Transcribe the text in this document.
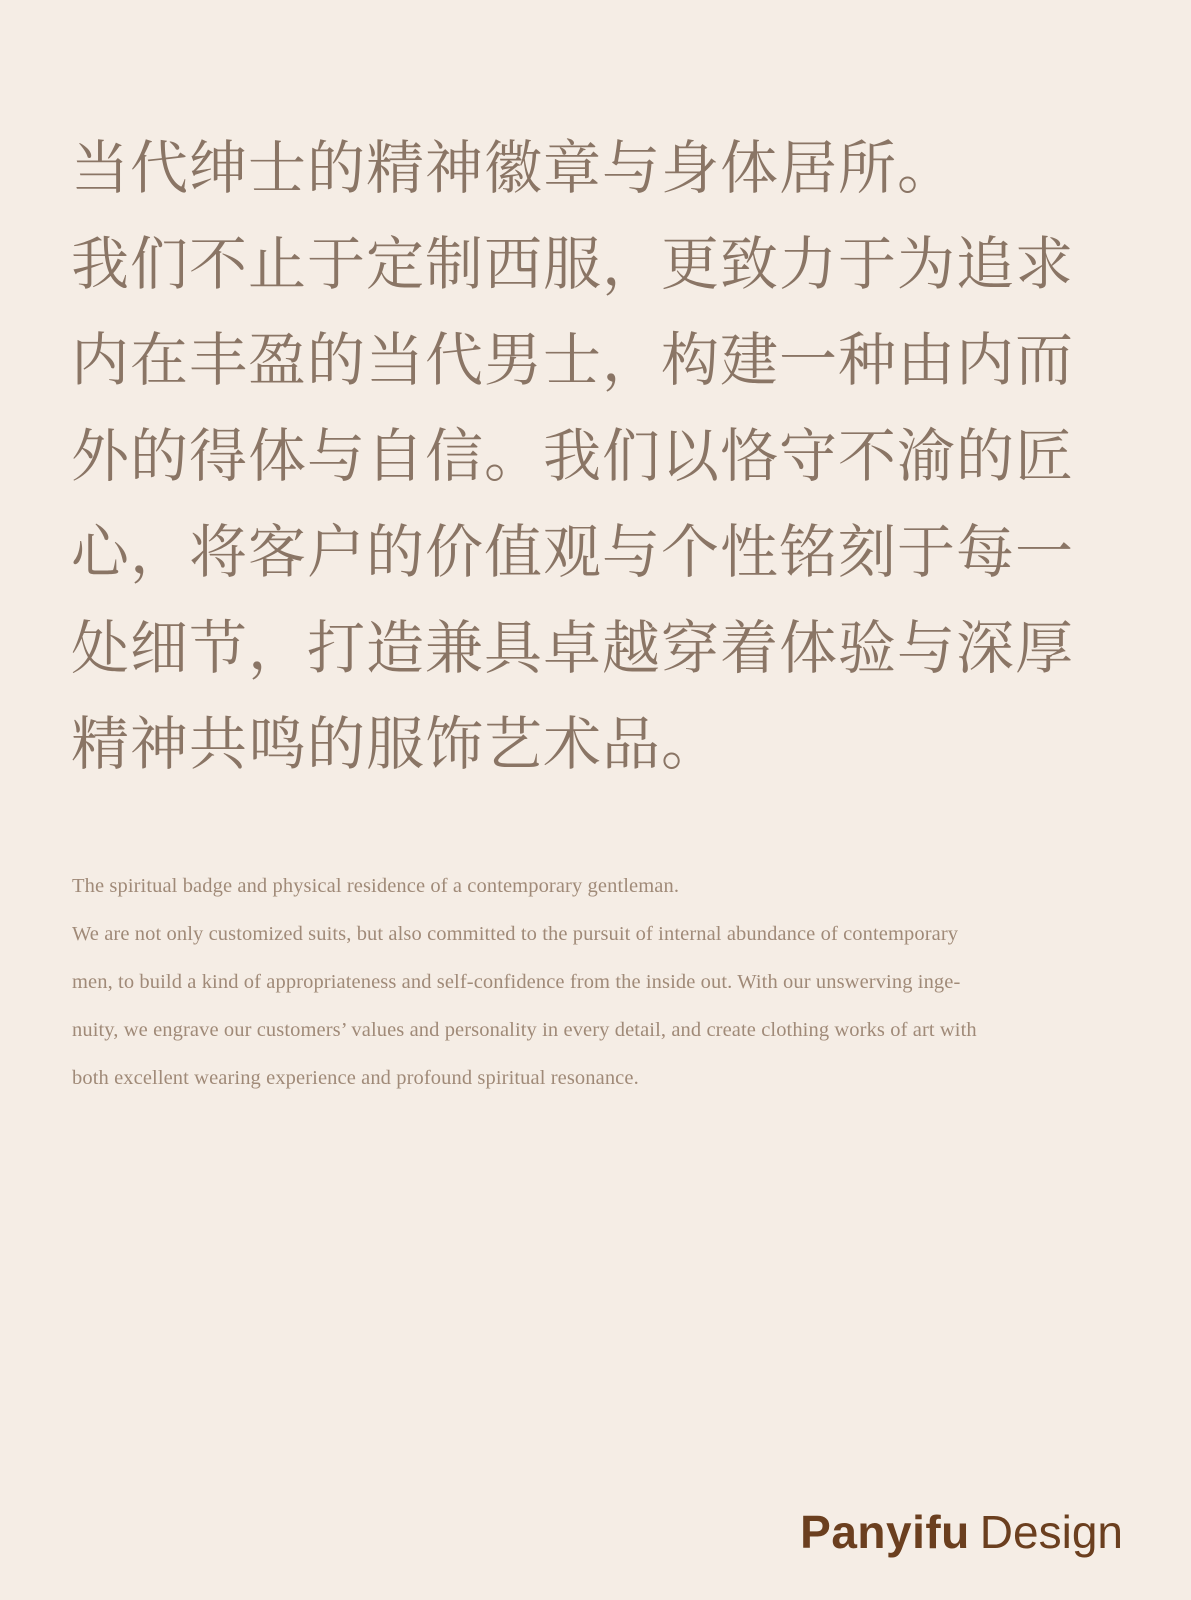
当代绅士的精神徽章与身体居所。
我们不止于定制西服，更致力于为追求
内在丰盈的当代男士，构建一种由内而
外的得体与自信。我们以恪守不渝的匠
心，将客户的价值观与个性铭刻于每一
处细节，打造兼具卓越穿着体验与深厚
精神共鸣的服饰艺术品。
The spiritual badge and physical residence of a contemporary gentleman.
We are not only customized suits, but also committed to the pursuit of internal abundance of contemporary
men, to build a kind of appropriateness and self-confidence from the inside out. With our unswerving inge-
nuity, we engrave our customers’ values and personality in every detail, and create clothing works of art with
both excellent wearing experience and profound spiritual resonance.
Panyifu Design
